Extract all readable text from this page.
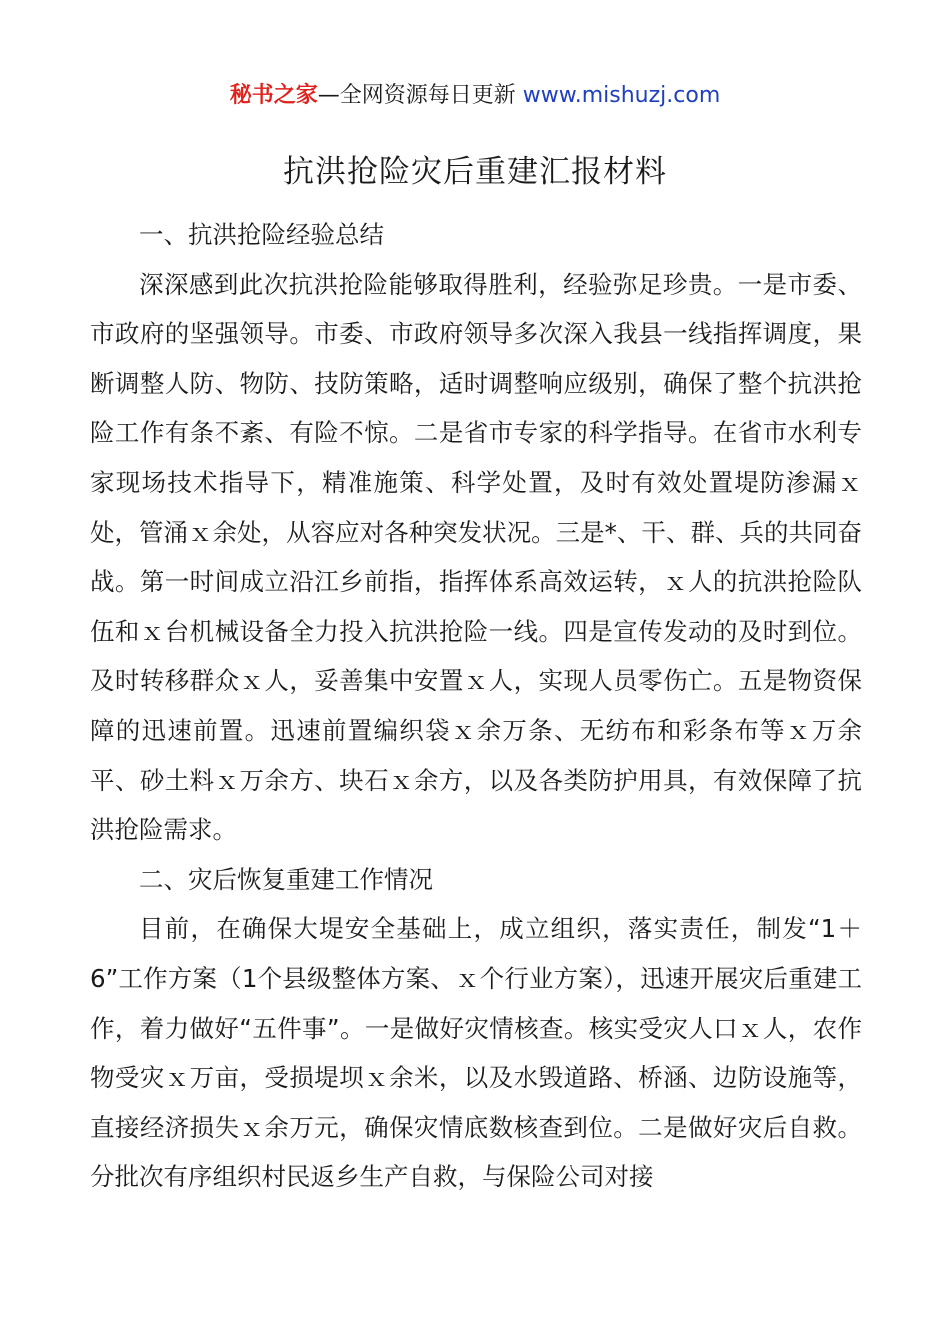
秘书之家—全网资源每日更新 www.mishuzj.com
抗洪抢险灾后重建汇报材料

一、抗洪抢险经验总结

深深感到此次抗洪抢险能够取得胜利，经验弥足珍贵。一是市委、市政府的坚强领导。市委、市政府领导多次深入我县一线指挥调度，果断调整人防、物防、技防策略，适时调整响应级别，确保了整个抗洪抢险工作有条不紊、有险不惊。二是省市专家的科学指导。在省市水利专家现场技术指导下，精准施策、科学处置，及时有效处置堤防渗漏ｘ处，管涌ｘ余处，从容应对各种突发状况。三是*、干、群、兵的共同奋战。第一时间成立沿江乡前指，指挥体系高效运转，ｘ人的抗洪抢险队伍和ｘ台机械设备全力投入抗洪抢险一线。四是宣传发动的及时到位。及时转移群众ｘ人，妥善集中安置ｘ人，实现人员零伤亡。五是物资保障的迅速前置。迅速前置编织袋ｘ余万条、无纺布和彩条布等ｘ万余平、砂土料ｘ万余方、块石ｘ余方，以及各类防护用具，有效保障了抗洪抢险需求。

二、灾后恢复重建工作情况

目前，在确保大堤安全基础上，成立组织，落实责任，制发“1＋6”工作方案（1个县级整体方案、ｘ个行业方案），迅速开展灾后重建工作，着力做好“五件事”。一是做好灾情核查。核实受灾人口ｘ人，农作物受灾ｘ万亩，受损堤坝ｘ余米，以及水毁道路、桥涵、边防设施等，直接经济损失ｘ余万元，确保灾情底数核查到位。二是做好灾后自救。分批次有序组织村民返乡生产自救，与保险公司对接
